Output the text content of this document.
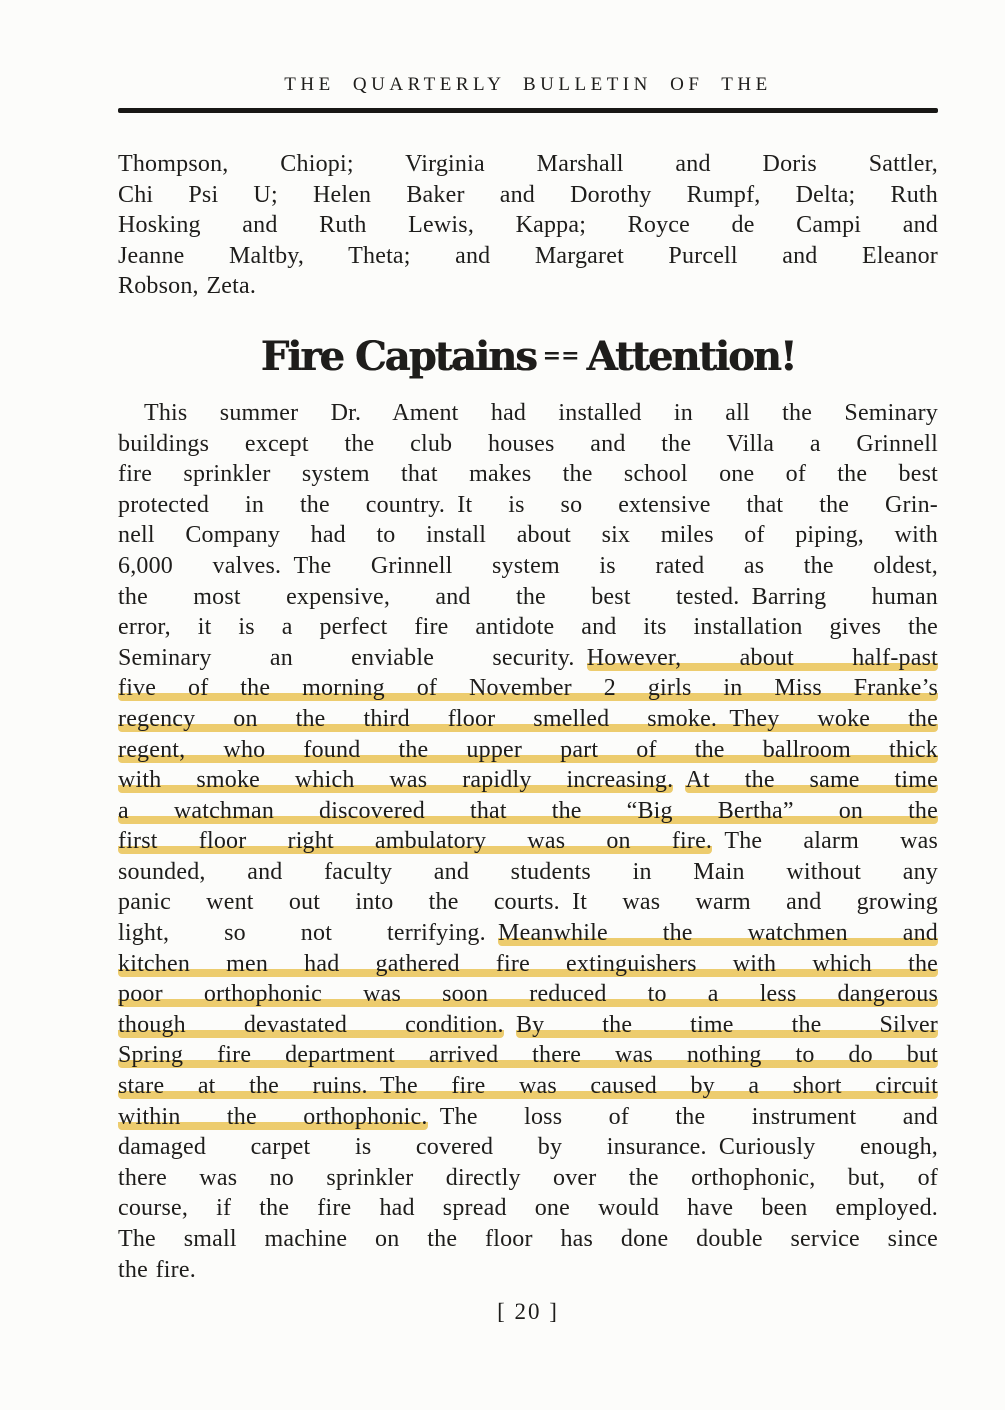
THE QUARTERLY BULLETIN OF THE
Thompson, Chiopi; Virginia Marshall and Doris Sattler,
Chi Psi U; Helen Baker and Dorothy Rumpf, Delta; Ruth
Hosking and Ruth Lewis, Kappa; Royce de Campi and
Jeanne Maltby, Theta; and Margaret Purcell and Eleanor
Robson, Zeta.
Fire Captains == Attention!
This summer Dr. Ament had installed in all the Seminary
buildings except the club houses and the Villa a Grinnell
fire sprinkler system that makes the school one of the best
protected in the country. It is so extensive that the Grin-
nell Company had to install about six miles of piping, with
6,000 valves. The Grinnell system is rated as the oldest,
the most expensive, and the best tested. Barring human
error, it is a perfect fire antidote and its installation gives the
Seminary an enviable security. However, about half-past
five of the morning of November 2 girls in Miss Franke’s
regency on the third floor smelled smoke. They woke the
regent, who found the upper part of the ballroom thick
with smoke which was rapidly increasing.  At the same time
a watchman discovered that the “Big Bertha” on the
first floor right ambulatory was on fire. The alarm was
sounded, and faculty and students in Main without any
panic went out into the courts. It was warm and growing
light, so not terrifying. Meanwhile the watchmen and
kitchen men had gathered fire extinguishers with which the
poor orthophonic was soon reduced to a less dangerous
though devastated condition.  By the time the Silver
Spring fire department arrived there was nothing to do but
stare at the ruins. The fire was caused by a short circuit
within the orthophonic. The loss of the instrument and
damaged carpet is covered by insurance. Curiously enough,
there was no sprinkler directly over the orthophonic, but, of
course, if the fire had spread one would have been employed.
The small machine on the floor has done double service since
the fire.
[ 20 ]
